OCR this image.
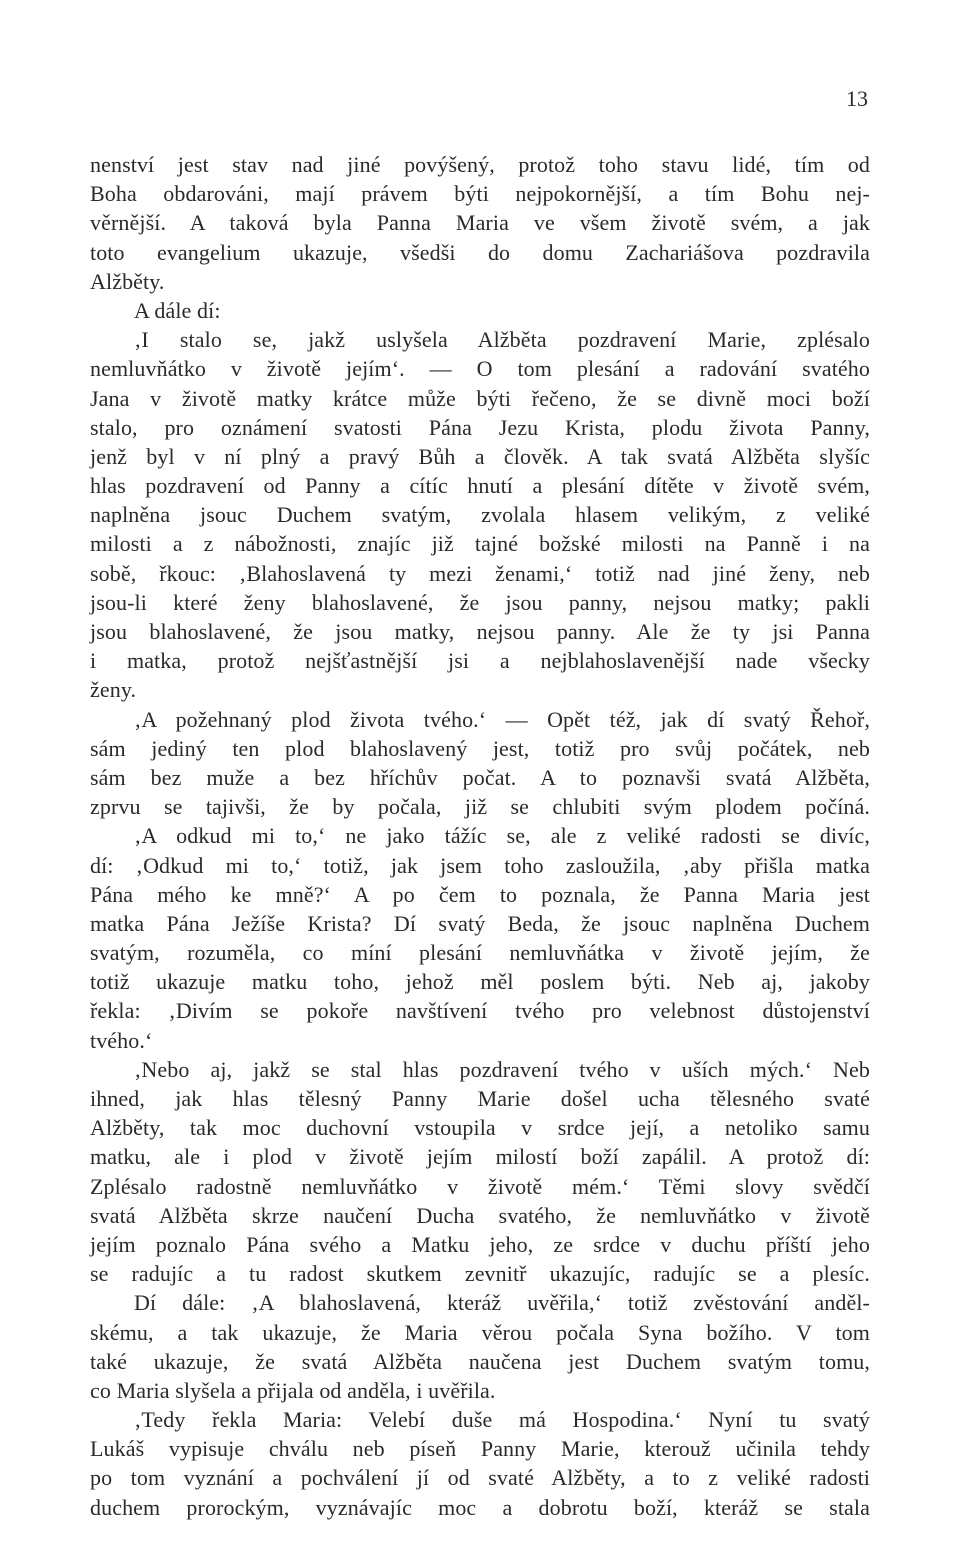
13
nenství jest stav nad jiné povýšený, protož toho stavu lidé, tím od
Boha obdarováni, mají právem býti nejpokornější, a tím Bohu nej-
věrnější. A taková byla Panna Maria ve všem životě svém, a jak
toto evangelium ukazuje, všedši do domu Zachariášova pozdravila
Alžběty.
A dále dí:
‚I stalo se, jakž uslyšela Alžběta pozdravení Marie, zplésalo
nemluvňátko v životě jejím‘. — O tom plesání a radování svatého
Jana v životě matky krátce může býti řečeno, že se divně moci boží
stalo, pro oznámení svatosti Pána Jezu Krista, plodu života Panny,
jenž byl v ní plný a pravý Bůh a člověk. A tak svatá Alžběta slyšíc
hlas pozdravení od Panny a cítíc hnutí a plesání dítěte v životě svém,
naplněna jsouc Duchem svatým, zvolala hlasem velikým, z veliké
milosti a z nábožnosti, znajíc již tajné božské milosti na Panně i na
sobě, řkouc: ‚Blahoslavená ty mezi ženami,‘ totiž nad jiné ženy, neb
jsou-li které ženy blahoslavené, že jsou panny, nejsou matky; pakli
jsou blahoslavené, že jsou matky, nejsou panny. Ale že ty jsi Panna
i matka, protož nejšťastnější jsi a nejblahoslavenější nade všecky
ženy.
‚A požehnaný plod života tvého.‘ — Opět též, jak dí svatý Řehoř,
sám jediný ten plod blahoslavený jest, totiž pro svůj počátek, neb
sám bez muže a bez hříchův počat. A to poznavši svatá Alžběta,
zprvu se tajivši, že by počala, již se chlubiti svým plodem počíná.
‚A odkud mi to,‘ ne jako tážíc se, ale z veliké radosti se divíc,
dí: ‚Odkud mi to,‘ totiž, jak jsem toho zasloužila, ‚aby přišla matka
Pána mého ke mně?‘ A po čem to poznala, že Panna Maria jest
matka Pána Ježíše Krista? Dí svatý Beda, že jsouc naplněna Duchem
svatým, rozuměla, co míní plesání nemluvňátka v životě jejím, že
totiž ukazuje matku toho, jehož měl poslem býti. Neb aj, jakoby
řekla: ‚Divím se pokoře navštívení tvého pro velebnost důstojenství
tvého.‘
‚Nebo aj, jakž se stal hlas pozdravení tvého v uších mých.‘ Neb
ihned, jak hlas tělesný Panny Marie došel ucha tělesného svaté
Alžběty, tak moc duchovní vstoupila v srdce její, a netoliko samu
matku, ale i plod v životě jejím milostí boží zapálil. A protož dí:
Zplésalo radostně nemluvňátko v životě mém.‘ Těmi slovy svědčí
svatá Alžběta skrze naučení Ducha svatého, že nemluvňátko v životě
jejím poznalo Pána svého a Matku jeho, ze srdce v duchu příští jeho
se radujíc a tu radost skutkem zevnitř ukazujíc, radujíc se a plesíc.
Dí dále: ‚A blahoslavená, kteráž uvěřila,‘ totiž zvěstování anděl-
skému, a tak ukazuje, že Maria věrou počala Syna božího. V tom
také ukazuje, že svatá Alžběta naučena jest Duchem svatým tomu,
co Maria slyšela a přijala od anděla, i uvěřila.
‚Tedy řekla Maria: Velebí duše má Hospodina.‘ Nyní tu svatý
Lukáš vypisuje chválu neb píseň Panny Marie, kterouž učinila tehdy
po tom vyznání a pochválení jí od svaté Alžběty, a to z veliké radosti
duchem prorockým, vyznávajíc moc a dobrotu boží, kteráž se stala
